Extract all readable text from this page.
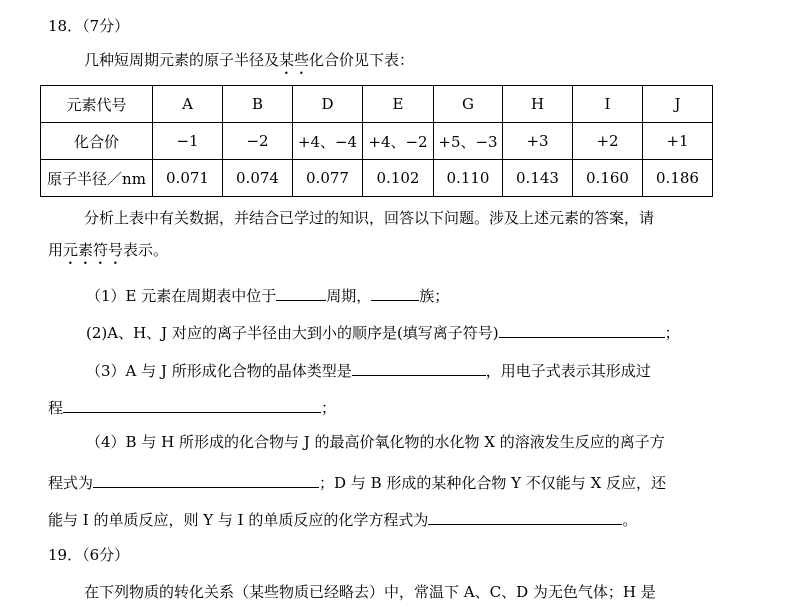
18．（7分）
几种短周期元素的原子半径及某些化合价见下表：
元素代号	A	B	D	E	G	H	I	J
化合价	−1	−2	+4、−4	+4、−2	+5、−3	+3	+2	+1
原子半径／nm	0.071	0.074	0.077	0.102	0.110	0.143	0.160	0.186
分析上表中有关数据，并结合已学过的知识，回答以下问题。涉及上述元素的答案，请
用元素符号表示。
（1）E 元素在周期表中位于	周期，	族；
(2)A、H、J 对应的离子半径由大到小的顺序是(填写离子符号)	；
（3）A 与 J 所形成化合物的晶体类型是	，用电子式表示其形成过
程	；
（4）B 与 H 所形成的化合物与 J 的最高价氧化物的水化物 X 的溶液发生反应的离子方
程式为	；D 与 B 形成的某种化合物 Y 不仅能与 X 反应，还
能与 I 的单质反应，则 Y 与 I 的单质反应的化学方程式为	。
19．（6分）
在下列物质的转化关系（某些物质已经略去）中，常温下 A、C、D 为无色气体；H 是
